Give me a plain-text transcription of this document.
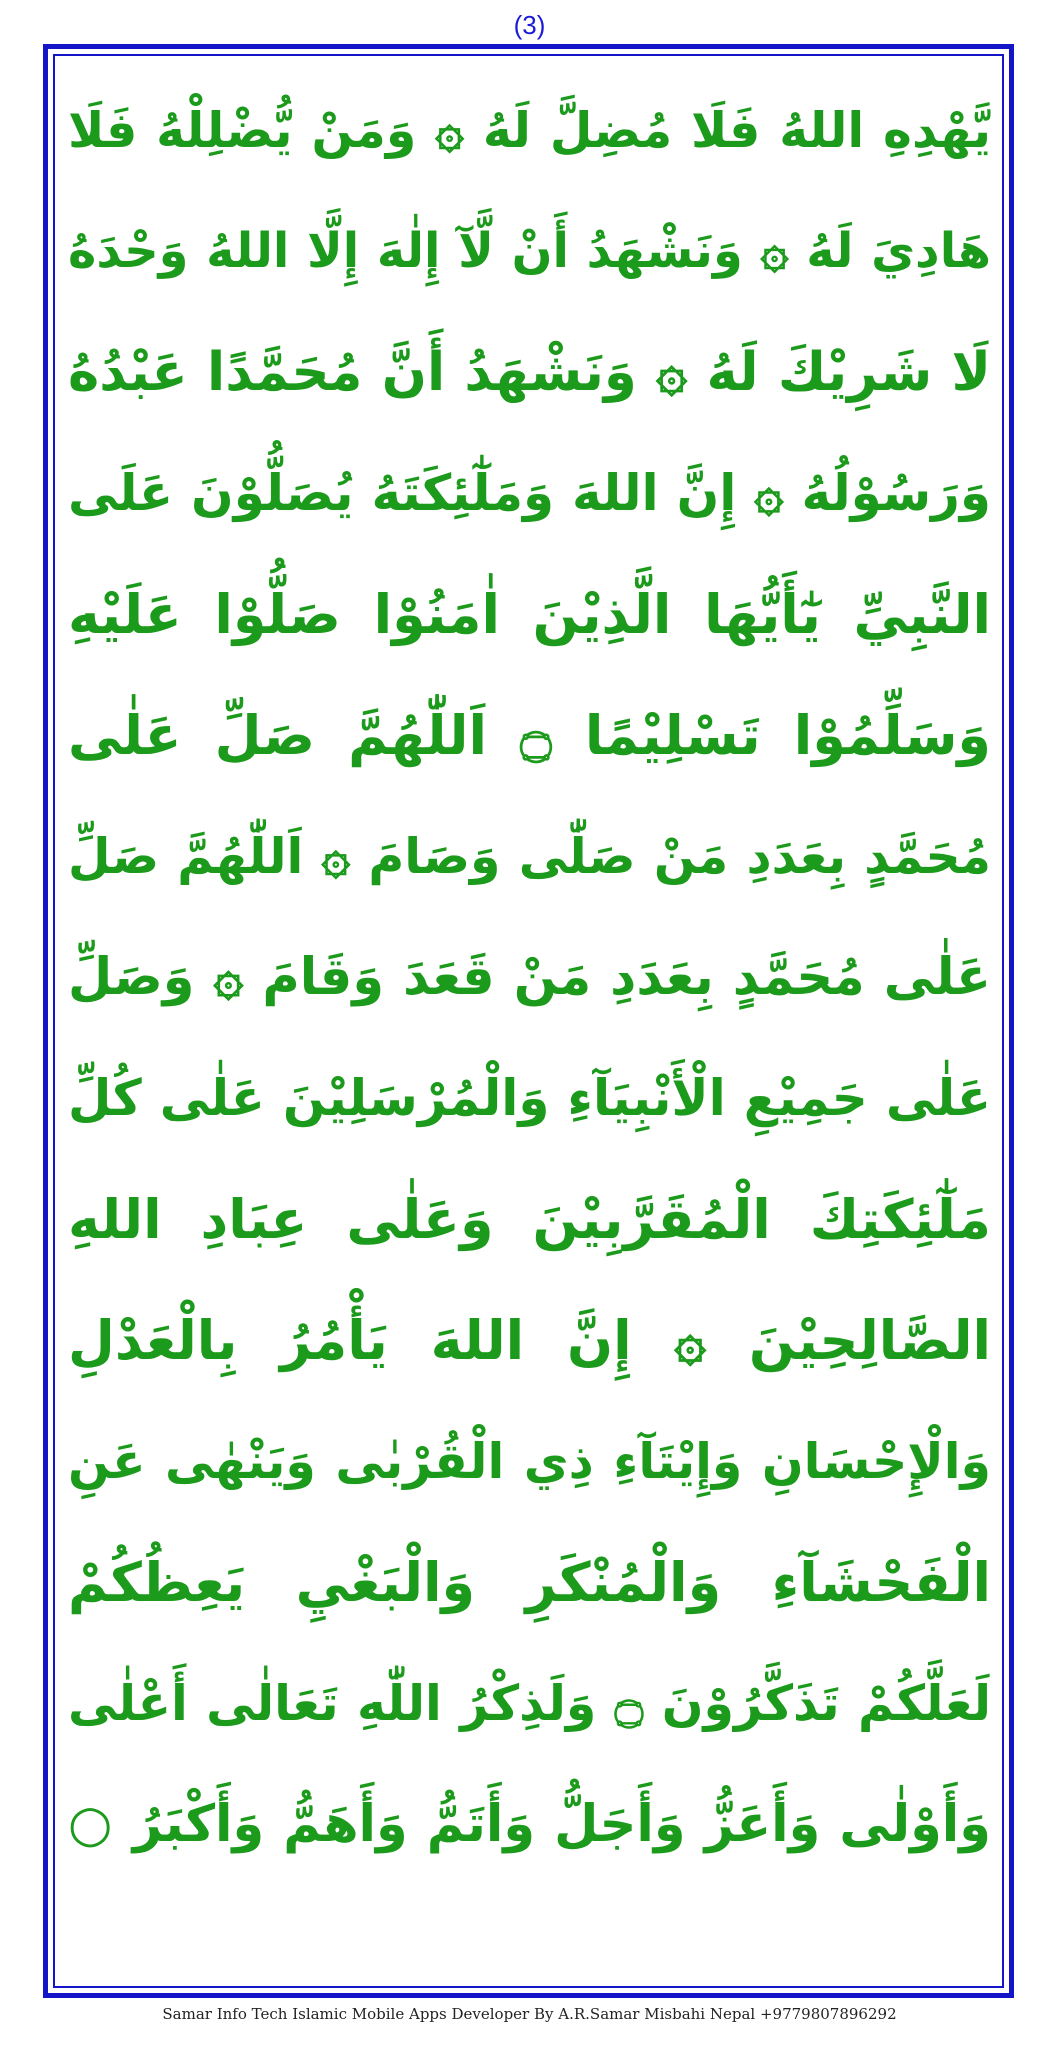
(3)
يَّهْدِهِ اللهُ فَلَا مُضِلَّ لَهُ ۞ وَمَنْ يُّضْلِلْهُ فَلَا
هَادِيَ لَهُ ۞ وَنَشْهَدُ أَنْ لَّآ إِلٰهَ إِلَّا اللهُ وَحْدَهُ
لَا شَرِيْكَ لَهُ ۞ وَنَشْهَدُ أَنَّ مُحَمَّدًا عَبْدُهُ
وَرَسُوْلُهُ ۞ إِنَّ اللهَ وَمَلٰٓئِكَتَهُ يُصَلُّوْنَ عَلَى
النَّبِيِّ يٰٓأَيُّهَا الَّذِيْنَ اٰمَنُوْا صَلُّوْا عَلَيْهِ
وَسَلِّمُوْا تَسْلِيْمًا ۝ اَللّٰهُمَّ صَلِّ عَلٰى
مُحَمَّدٍ بِعَدَدِ مَنْ صَلّٰى وَصَامَ ۞ اَللّٰهُمَّ صَلِّ
عَلٰى مُحَمَّدٍ بِعَدَدِ مَنْ قَعَدَ وَقَامَ ۞ وَصَلِّ
عَلٰى جَمِيْعِ الْأَنْبِيَآءِ وَالْمُرْسَلِيْنَ عَلٰى كُلِّ
مَلٰٓئِكَتِكَ الْمُقَرَّبِيْنَ وَعَلٰى عِبَادِ اللهِ
الصَّالِحِيْنَ ۞ إِنَّ اللهَ يَأْمُرُ بِالْعَدْلِ
وَالْإِحْسَانِ وَإِيْتَآءِ ذِي الْقُرْبٰى وَيَنْهٰى عَنِ
الْفَحْشَآءِ وَالْمُنْكَرِ وَالْبَغْيِ يَعِظُكُمْ
لَعَلَّكُمْ تَذَكَّرُوْنَ ۝ وَلَذِكْرُ اللّٰهِ تَعَالٰى أَعْلٰى
وَأَوْلٰى وَأَعَزُّ وَأَجَلُّ وَأَتَمُّ وَأَهَمُّ وَأَكْبَرُ ○
Samar Info Tech Islamic Mobile Apps Developer By A.R.Samar Misbahi Nepal +9779807896292
